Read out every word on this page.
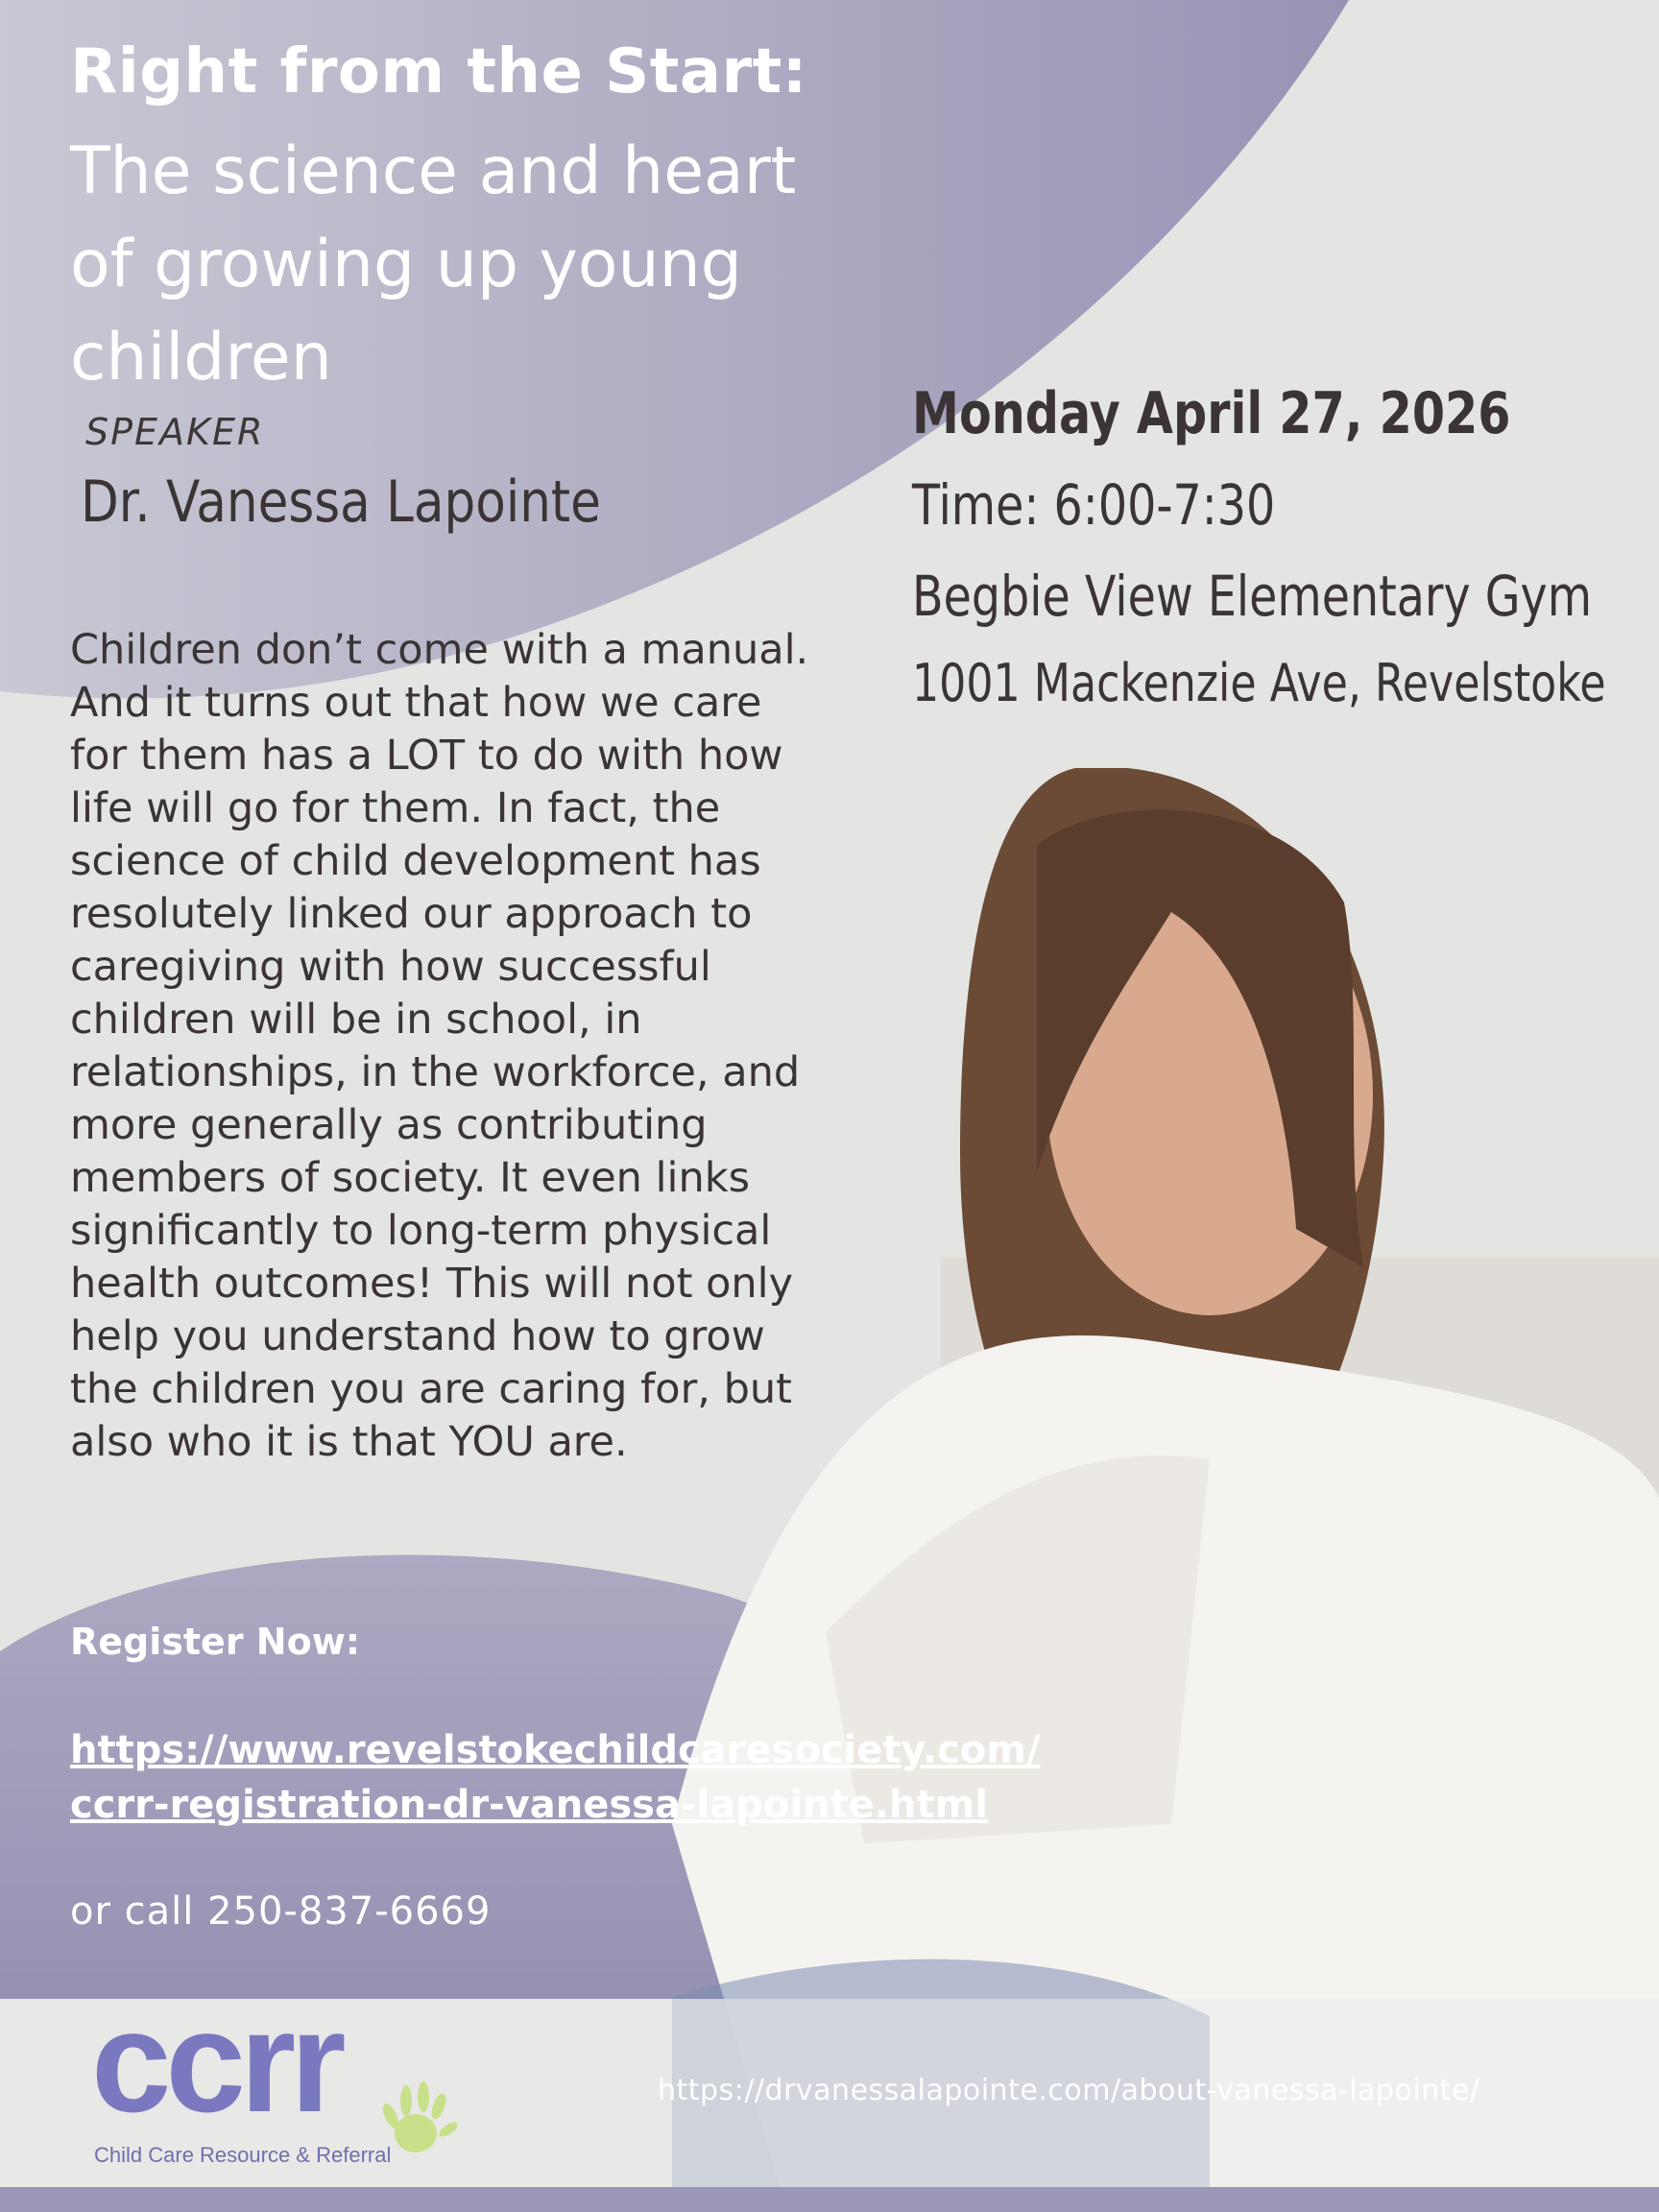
Right from the Start:
The science and heart
of growing up young
children
SPEAKER
Dr. Vanessa Lapointe
Monday April 27, 2026
Time: 6:00-7:30
Begbie View Elementary Gym
1001 Mackenzie Ave, Revelstoke

Children don’t come with a manual.

And it turns out that how we care

for them has a LOT to do with how

life will go for them. In fact, the

science of child development has

resolutely linked our approach to

caregiving with how successful

children will be in school, in

relationships, in the workforce, and

more generally as contributing

members of society. It even links

significantly to long-term physical

health outcomes! This will not only

help you understand how to grow

the children you are caring for, but

also who it is that YOU are.

Register Now:
https://www.revelstokechildcaresociety.com/
ccrr-registration-dr-vanessa-lapointe.html
or call 250-837-6669
ccrr
Child Care Resource & Referral
https://drvanessalapointe.com/about-vanessa-lapointe/
